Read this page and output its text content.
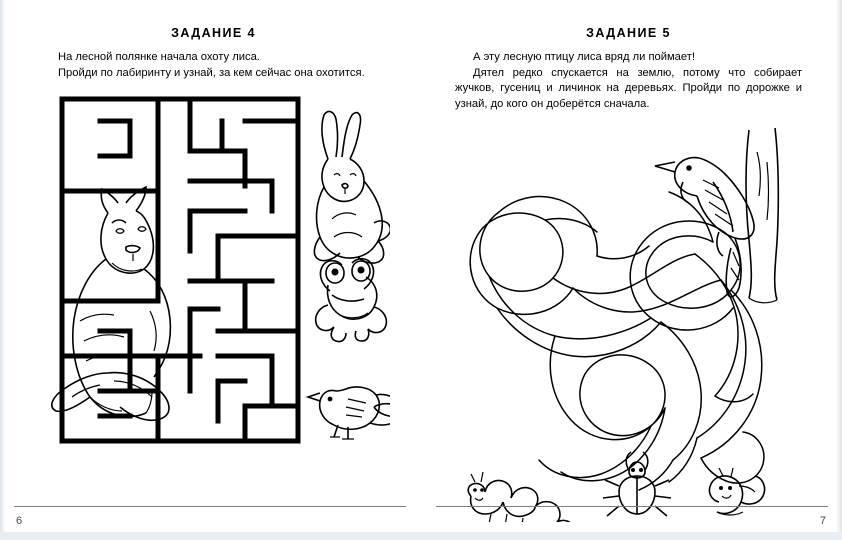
ЗАДАНИЕ 4

На лесной полянке начала охоту лиса.

Пройди по лабиринту и узнай, за кем сейчас она охотится.

6
ЗАДАНИЕ 5

А эту лесную птицу лиса вряд ли поймает!

Дятел редко спускается на землю, потому что собирает жучков, гусениц и личинок на деревьях. Пройди по дорожке и узнай, до кого он доберётся сначала.

7
